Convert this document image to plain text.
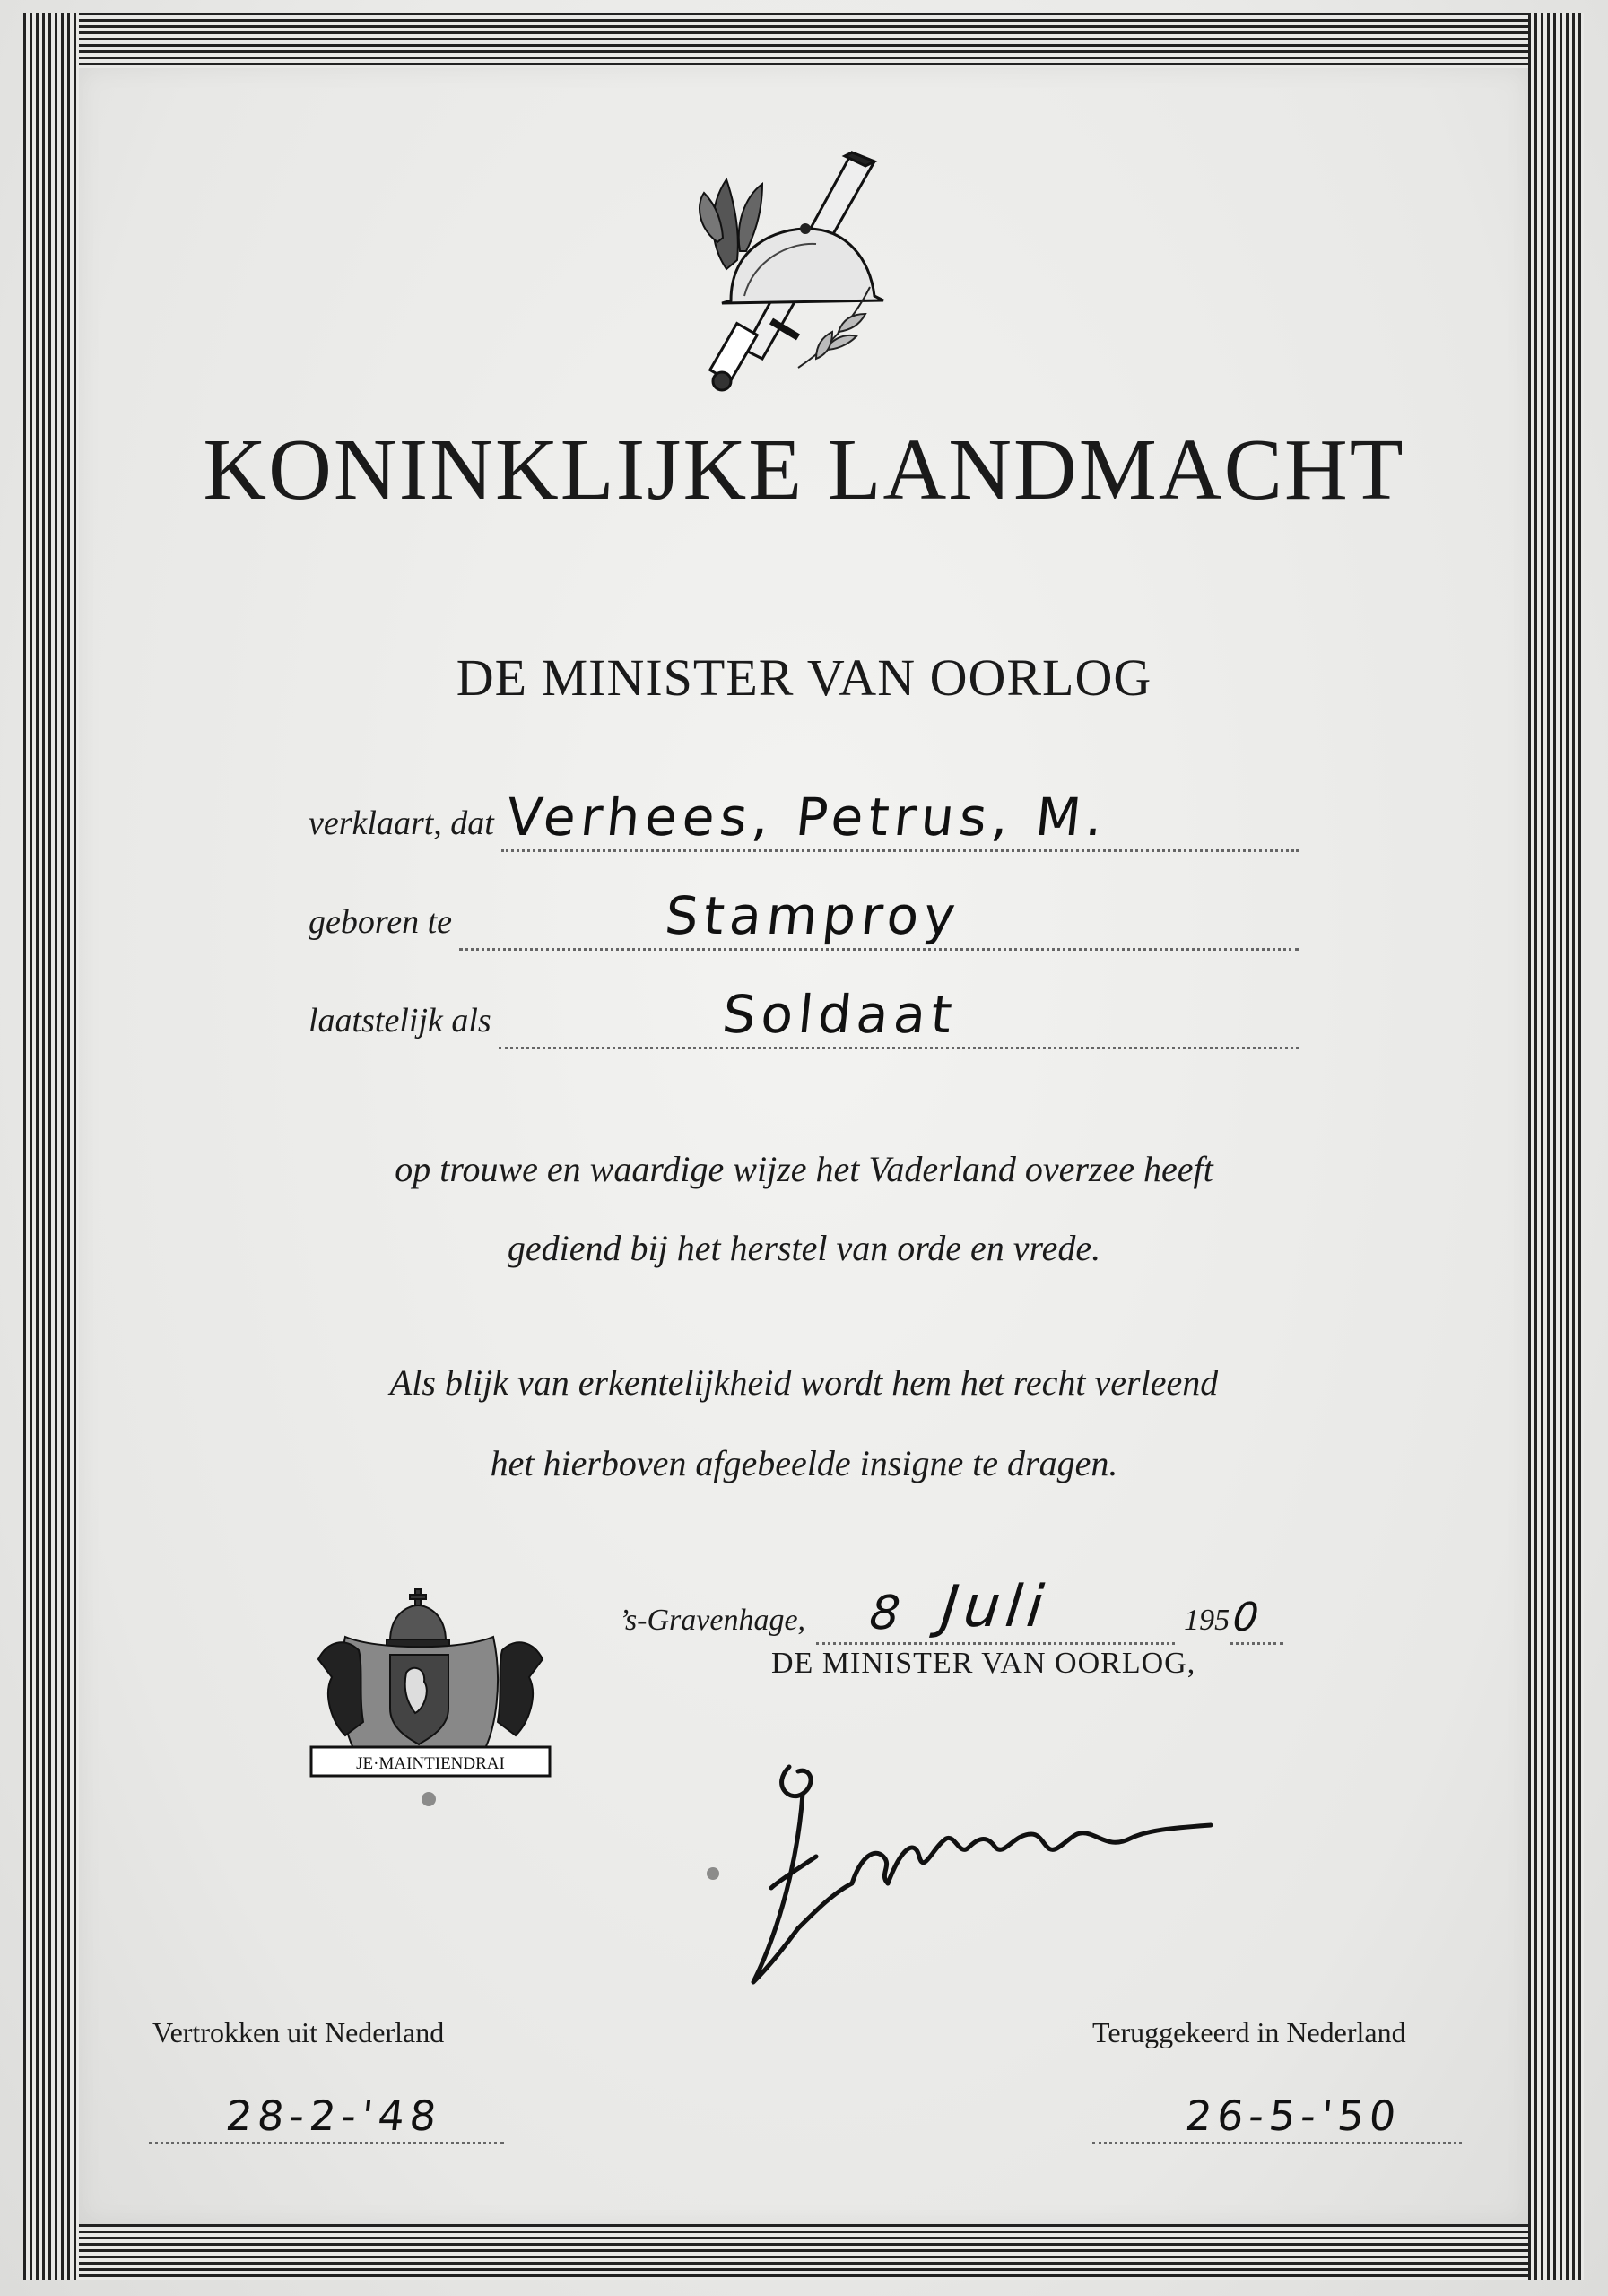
KONINKLIJKE LANDMACHT
DE MINISTER VAN OORLOG
verklaart, dat Verhees, Petrus, M.
geboren te	Stamproy
laatstelijk als	Soldaat
op trouwe en waardige wijze het Vaderland overzee heeft
gediend bij het herstel van orde en vrede.
Als blijk van erkentelijkheid wordt hem het recht verleend
het hierboven afgebeelde insigne te dragen.
’s-Gravenhage, 8 Juli	195 0
DE MINISTER VAN OORLOG,
JE·MAINTIENDRAI
Vertrokken uit Nederland
28-2-'48
Teruggekeerd in Nederland
26-5-'50
